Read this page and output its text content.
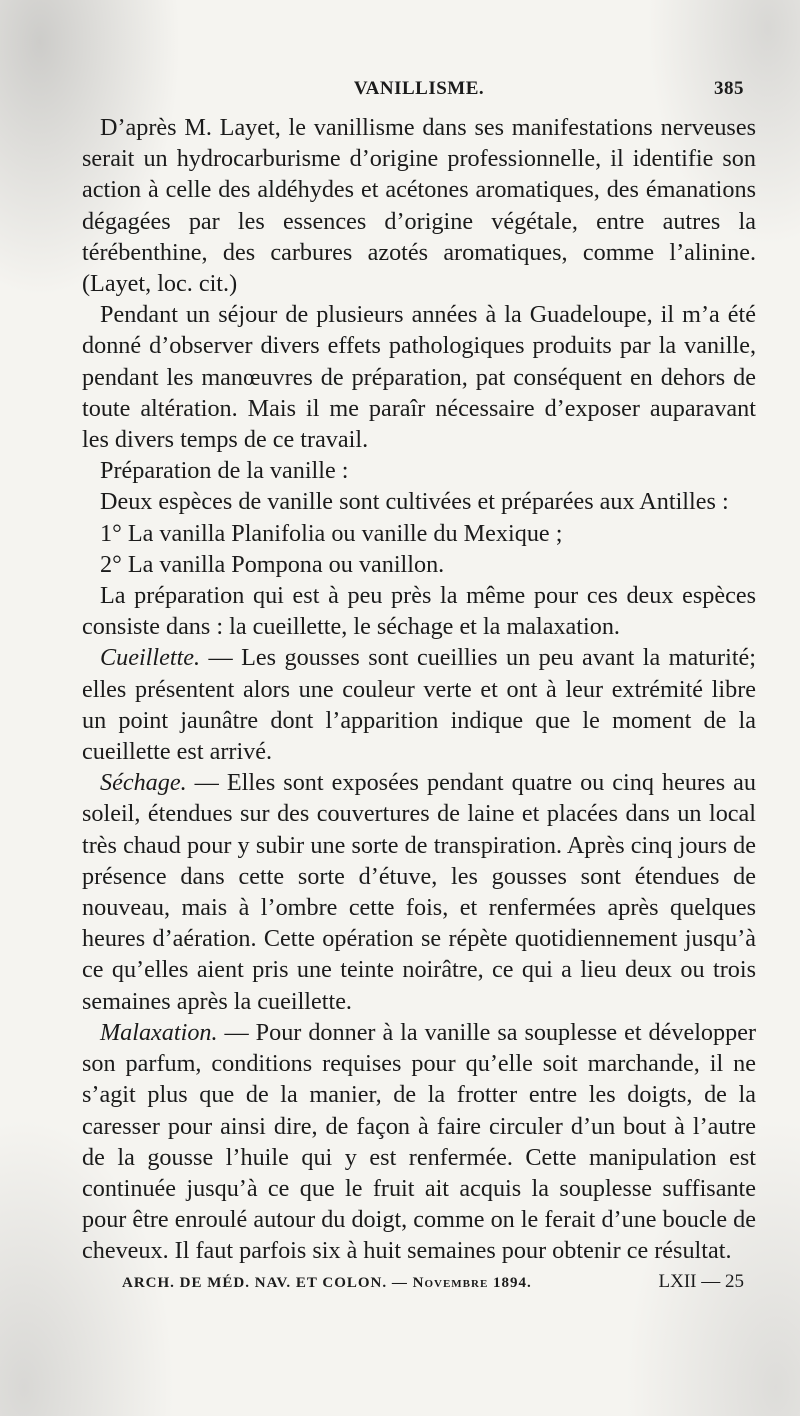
VANILLISME.	385

D’après M. Layet, le vanillisme dans ses manifestations nerveuses serait un hydrocarburisme d’origine professionnelle, il identifie son action à celle des aldéhydes et acétones aromatiques, des émanations dégagées par les essences d’origine végétale, entre autres la térébenthine, des carbures azotés aromatiques, comme l’alinine. (Layet, loc. cit.)

Pendant un séjour de plusieurs années à la Guadeloupe, il m’a été donné d’observer divers effets pathologiques produits par la vanille, pendant les manœuvres de préparation, pat conséquent en dehors de toute altération. Mais il me paraîr nécessaire d’exposer auparavant les divers temps de ce travail.

Préparation de la vanille :

Deux espèces de vanille sont cultivées et préparées aux Antilles :

1° La vanilla Planifolia ou vanille du Mexique ;

2° La vanilla Pompona ou vanillon.

La préparation qui est à peu près la même pour ces deux espèces consiste dans : la cueillette, le séchage et la malaxation.

Cueillette. — Les gousses sont cueillies un peu avant la maturité; elles présentent alors une couleur verte et ont à leur extrémité libre un point jaunâtre dont l’apparition indique que le moment de la cueillette est arrivé.

Séchage. — Elles sont exposées pendant quatre ou cinq heures au soleil, étendues sur des couvertures de laine et placées dans un local très chaud pour y subir une sorte de transpiration. Après cinq jours de présence dans cette sorte d’étuve, les gousses sont étendues de nouveau, mais à l’ombre cette fois, et renfermées après quelques heures d’aération. Cette opération se répète quotidiennement jusqu’à ce qu’elles aient pris une teinte noirâtre, ce qui a lieu deux ou trois semaines après la cueillette.

Malaxation. — Pour donner à la vanille sa souplesse et développer son parfum, conditions requises pour qu’elle soit marchande, il ne s’agit plus que de la manier, de la frotter entre les doigts, de la caresser pour ainsi dire, de façon à faire circuler d’un bout à l’autre de la gousse l’huile qui y est renfermée. Cette manipulation est continuée jusqu’à ce que le fruit ait acquis la souplesse suffisante pour être enroulé autour du doigt, comme on le ferait d’une boucle de cheveux. Il faut parfois six à huit semaines pour obtenir ce résultat.

ARCH. DE MÉD. NAV. ET COLON. — Novembre 1894.	LXII — 25
